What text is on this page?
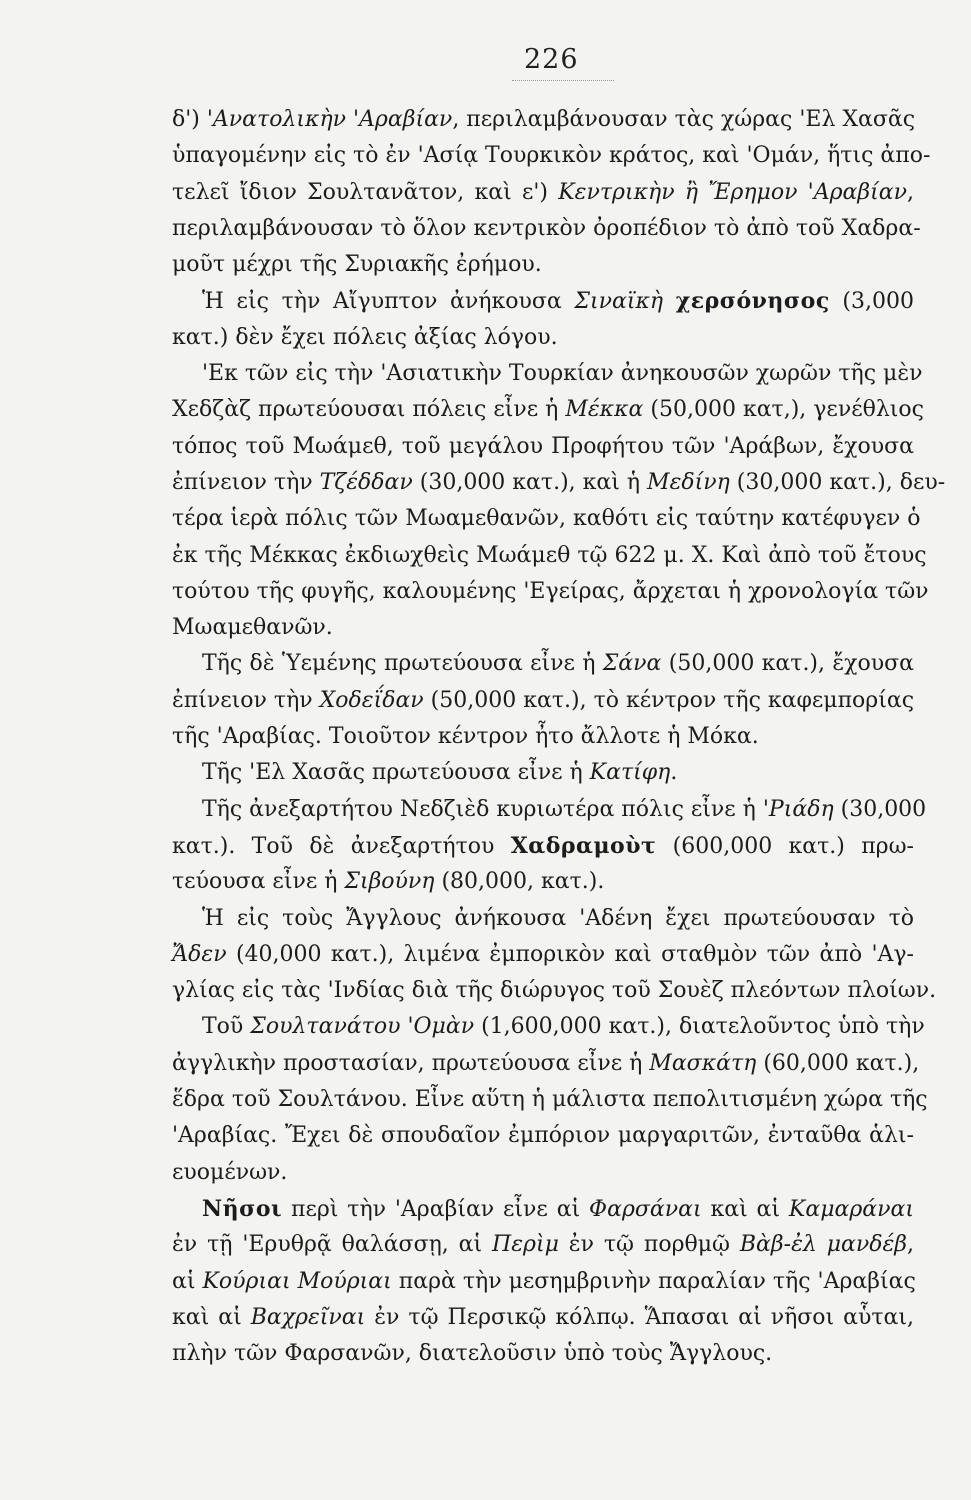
226
δ') 'Ανατολικὴν 'Αραβίαν, περιλαμβάνουσαν τὰς χώρας 'Ελ Χασᾶς
ὑπαγομένην εἰς τὸ ἐν 'Ασίᾳ Τουρκικὸν κράτος, καὶ 'Ομάν, ἥτις ἀπο-
τελεῖ ἴδιον Σουλτανᾶτον, καὶ ε') Κεντρικὴν ἢ Ἔρημον 'Αραβίαν,
περιλαμβάνουσαν τὸ ὅλον κεντρικὸν ὀροπέδιον τὸ ἀπὸ τοῦ Χαδρα-
μοῦτ μέχρι τῆς Συριακῆς ἐρήμου.
Ἡ εἰς τὴν Αἴγυπτον ἀνήκουσα Σιναϊκὴ χερσόνησος (3,000
κατ.) δὲν ἔχει πόλεις ἀξίας λόγου.
'Εκ τῶν εἰς τὴν 'Ασιατικὴν Τουρκίαν ἀνηκουσῶν χωρῶν τῆς μὲν
Χεδζὰζ πρωτεύουσαι πόλεις εἶνε ἡ Μέκκα (50,000 κατ,), γενέθλιος
τόπος τοῦ Μωάμεθ, τοῦ μεγάλου Προφήτου τῶν 'Αράβων, ἔχουσα
ἐπίνειον τὴν Τζέδδαν (30,000 κατ.), καὶ ἡ Μεδίνη (30,000 κατ.), δευ-
τέρα ἱερὰ πόλις τῶν Μωαμεθανῶν, καθότι εἰς ταύτην κατέφυγεν ὁ
ἐκ τῆς Μέκκας ἐκδιωχθεὶς Μωάμεθ τῷ 622 μ. Χ. Καὶ ἀπὸ τοῦ ἔτους
τούτου τῆς φυγῆς, καλουμένης 'Εγείρας, ἄρχεται ἡ χρονολογία τῶν
Μωαμεθανῶν.
Τῆς δὲ Ὑεμένης πρωτεύουσα εἶνε ἡ Σάνα (50,000 κατ.), ἔχουσα
ἐπίνειον τὴν Χοδεΐδαν (50,000 κατ.), τὸ κέντρον τῆς καφεμπορίας
τῆς 'Αραβίας. Τοιοῦτον κέντρον ἦτο ἄλλοτε ἡ Μόκα.
Τῆς 'Ελ Χασᾶς πρωτεύουσα εἶνε ἡ Κατίφη.
Τῆς ἀνεξαρτήτου Νεδζιὲδ κυριωτέρα πόλις εἶνε ἡ 'Ριάδη (30,000
κατ.). Τοῦ δὲ ἀνεξαρτήτου Χαδραμοὺτ (600,000 κατ.) πρω-
τεύουσα εἶνε ἡ Σιβούνη (80,000, κατ.).
Ἡ εἰς τοὺς Ἄγγλους ἀνήκουσα 'Αδένη ἔχει πρωτεύουσαν τὸ
Ἄδεν (40,000 κατ.), λιμένα ἐμπορικὸν καὶ σταθμὸν τῶν ἀπὸ 'Αγ-
γλίας εἰς τὰς 'Ινδίας διὰ τῆς διώρυγος τοῦ Σουὲζ πλεόντων πλοίων.
Τοῦ Σουλτανάτου 'Ομὰν (1,600,000 κατ.), διατελοῦντος ὑπὸ τὴν
ἀγγλικὴν προστασίαν, πρωτεύουσα εἶνε ἡ Μασκάτη (60,000 κατ.),
ἕδρα τοῦ Σουλτάνου. Εἶνε αὕτη ἡ μάλιστα πεπολιτισμένη χώρα τῆς
'Αραβίας. Ἔχει δὲ σπουδαῖον ἐμπόριον μαργαριτῶν, ἐνταῦθα ἁλι-
ευομένων.
Νῆσοι περὶ τὴν 'Αραβίαν εἶνε αἱ Φαρσάναι καὶ αἱ Καμαράναι
ἐν τῇ 'Ερυθρᾷ θαλάσσῃ, αἱ Περὶμ ἐν τῷ πορθμῷ Βὰβ-ἐλ μανδέβ,
αἱ Κούριαι Μούριαι παρὰ τὴν μεσημβρινὴν παραλίαν τῆς 'Αραβίας
καὶ αἱ Βαχρεῖναι ἐν τῷ Περσικῷ κόλπῳ. Ἅπασαι αἱ νῆσοι αὗται,
πλὴν τῶν Φαρσανῶν, διατελοῦσιν ὑπὸ τοὺς Ἄγγλους.
